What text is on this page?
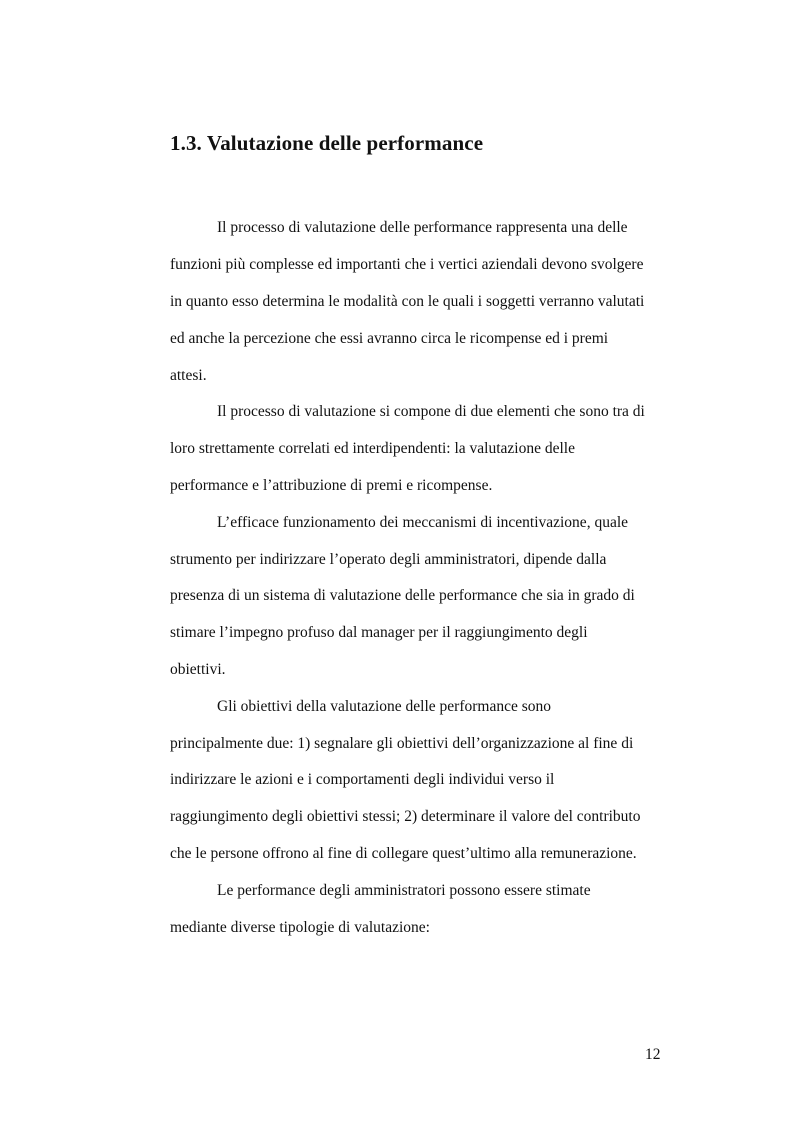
1.3. Valutazione delle performance

Il processo di valutazione delle performance rappresenta una delle

funzioni più complesse ed importanti che i vertici aziendali devono svolgere

in quanto esso determina le modalità con le quali i soggetti verranno valutati

ed anche la percezione che essi avranno circa le ricompense ed i premi

attesi.

Il processo di valutazione si compone di due elementi che sono tra di

loro strettamente correlati ed interdipendenti: la valutazione delle

performance e l’attribuzione di premi e ricompense.

L’efficace funzionamento dei meccanismi di incentivazione, quale

strumento per indirizzare l’operato degli amministratori, dipende dalla

presenza di un sistema di valutazione delle performance che sia in grado di

stimare l’impegno profuso dal manager per il raggiungimento degli

obiettivi.

Gli obiettivi della valutazione delle performance sono

principalmente due: 1) segnalare gli obiettivi dell’organizzazione al fine di

indirizzare le azioni e i comportamenti degli individui verso il

raggiungimento degli obiettivi stessi; 2) determinare il valore del contributo

che le persone offrono al fine di collegare quest’ultimo alla remunerazione.

Le performance degli amministratori possono essere stimate

mediante diverse tipologie di valutazione:

12
